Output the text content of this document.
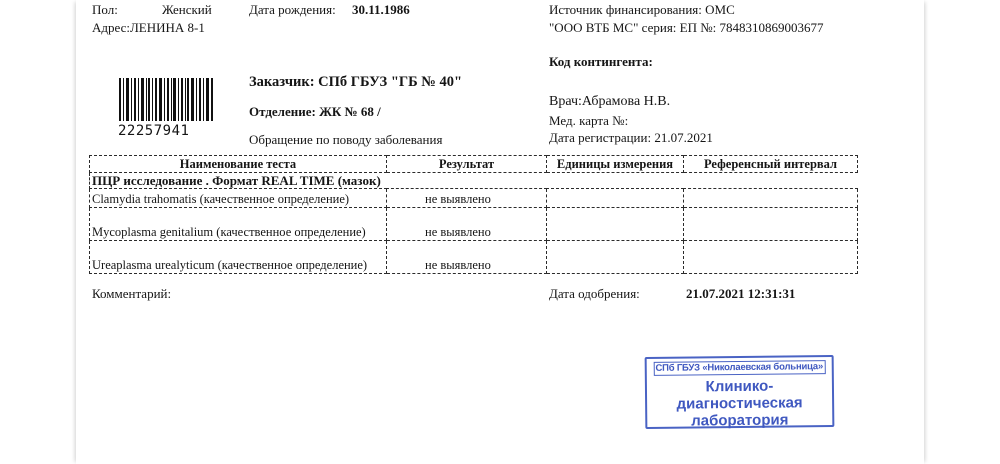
Пол:	Женский	Дата рождения: 30.11.1986
Адрес:ЛЕНИНА 8-1
Источник финансирования: ОМС
"ООО ВТБ МС" серия: ЕП №: 7848310869003677
Код контингента:
22257941
Заказчик: СПб ГБУЗ "ГБ № 40"
Отделение: ЖК № 68 /
Обращение по поводу заболевания
Врач:Абрамова Н.В.
Мед. карта №:
Дата регистрации: 21.07.2021
Наименование теста	Результат	Единицы измерения	Референсный интервал
ПЦР исследование . Формат REAL TIME (мазок)			
Clamydia trahomatis (качественное определение)	не выявлено		
Mycoplasma genitalium (качественное определение)	не выявлено		
Ureaplasma urealyticum (качественное определение)	не выявлено		
Комментарий:	Дата одобрения:	21.07.2021 12:31:31
СПб ГБУЗ «Николаевская больница»
Клинико-диагностическая
лаборатория
